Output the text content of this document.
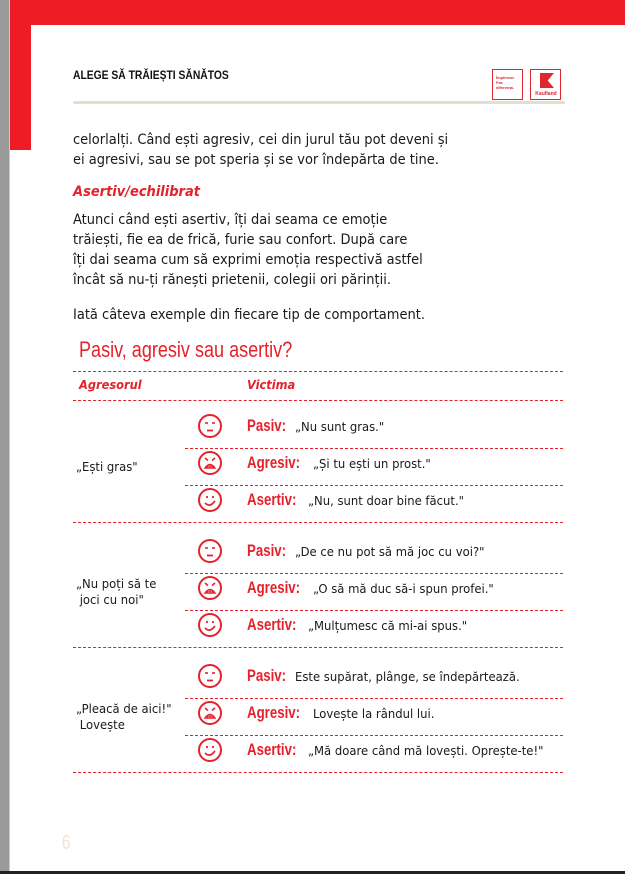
ALEGE SĂ TRĂIEȘTI SĂNĂTOS	Împlinesc
Fac
diferența.
Kaufland
celorlalți. Când ești agresiv, cei din jurul tău pot deveni și
ei agresivi, sau se pot speria și se vor îndepărta de tine.
Asertiv/echilibrat
Atunci când ești asertiv, îți dai seama ce emoție
trăiești, fie ea de frică, furie sau confort. După care
îți dai seama cum să exprimi emoția respectivă astfel
încât să nu-ți rănești prietenii, colegii ori părinții.
Iată câteva exemple din fiecare tip de comportament.
Pasiv, agresiv sau asertiv?
Agresorul	Victima
„Ești gras"
Pasiv: „Nu sunt gras."
Agresiv: „Și tu ești un prost."
Asertiv: „Nu, sunt doar bine făcut."
„Nu poți să te
joci cu noi"
Pasiv: „De ce nu pot să mă joc cu voi?"
Agresiv: „O să mă duc să-i spun profei."
Asertiv: „Mulțumesc că mi-ai spus."
„Pleacă de aici!"
Lovește
Pasiv: Este supărat, plânge, se îndepărtează.
Agresiv: Lovește la rândul lui.
Asertiv: „Mă doare când mă lovești. Oprește-te!"
6
